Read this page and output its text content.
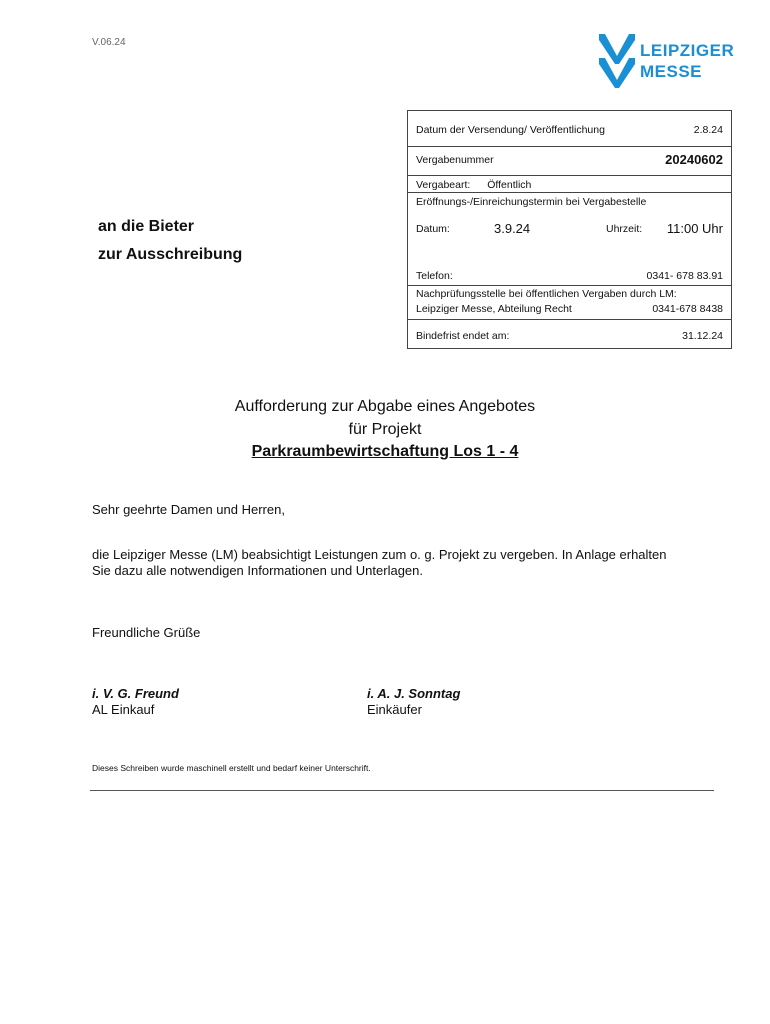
V.06.24	LEIPZIGER
MESSE
Datum der Versendung/ Veröffentlichung	2.8.24
Vergabenummer	20240602
Vergabeart: Öffentlich
Eröffnungs-/Einreichungstermin bei Vergabestelle
Datum:	3.9.24	Uhrzeit: 11:00 Uhr
Telefon:	0341- 678 83.91
Nachprüfungsstelle bei öffentlichen Vergaben durch LM:
Leipziger Messe, Abteilung Recht	0341-678 8438
Bindefrist endet am:	31.12.24
an die Bieter
zur Ausschreibung
Aufforderung zur Abgabe eines Angebotes
für Projekt
Parkraumbewirtschaftung Los 1 - 4
Sehr geehrte Damen und Herren,
die Leipziger Messe (LM) beabsichtigt Leistungen zum o. g. Projekt zu vergeben. In Anlage erhalten
Sie dazu alle notwendigen Informationen und Unterlagen.
Freundliche Grüße
i. V. G. Freund
AL Einkauf
i. A. J. Sonntag
Einkäufer
Dieses Schreiben wurde maschinell erstellt und bedarf keiner Unterschrift.
